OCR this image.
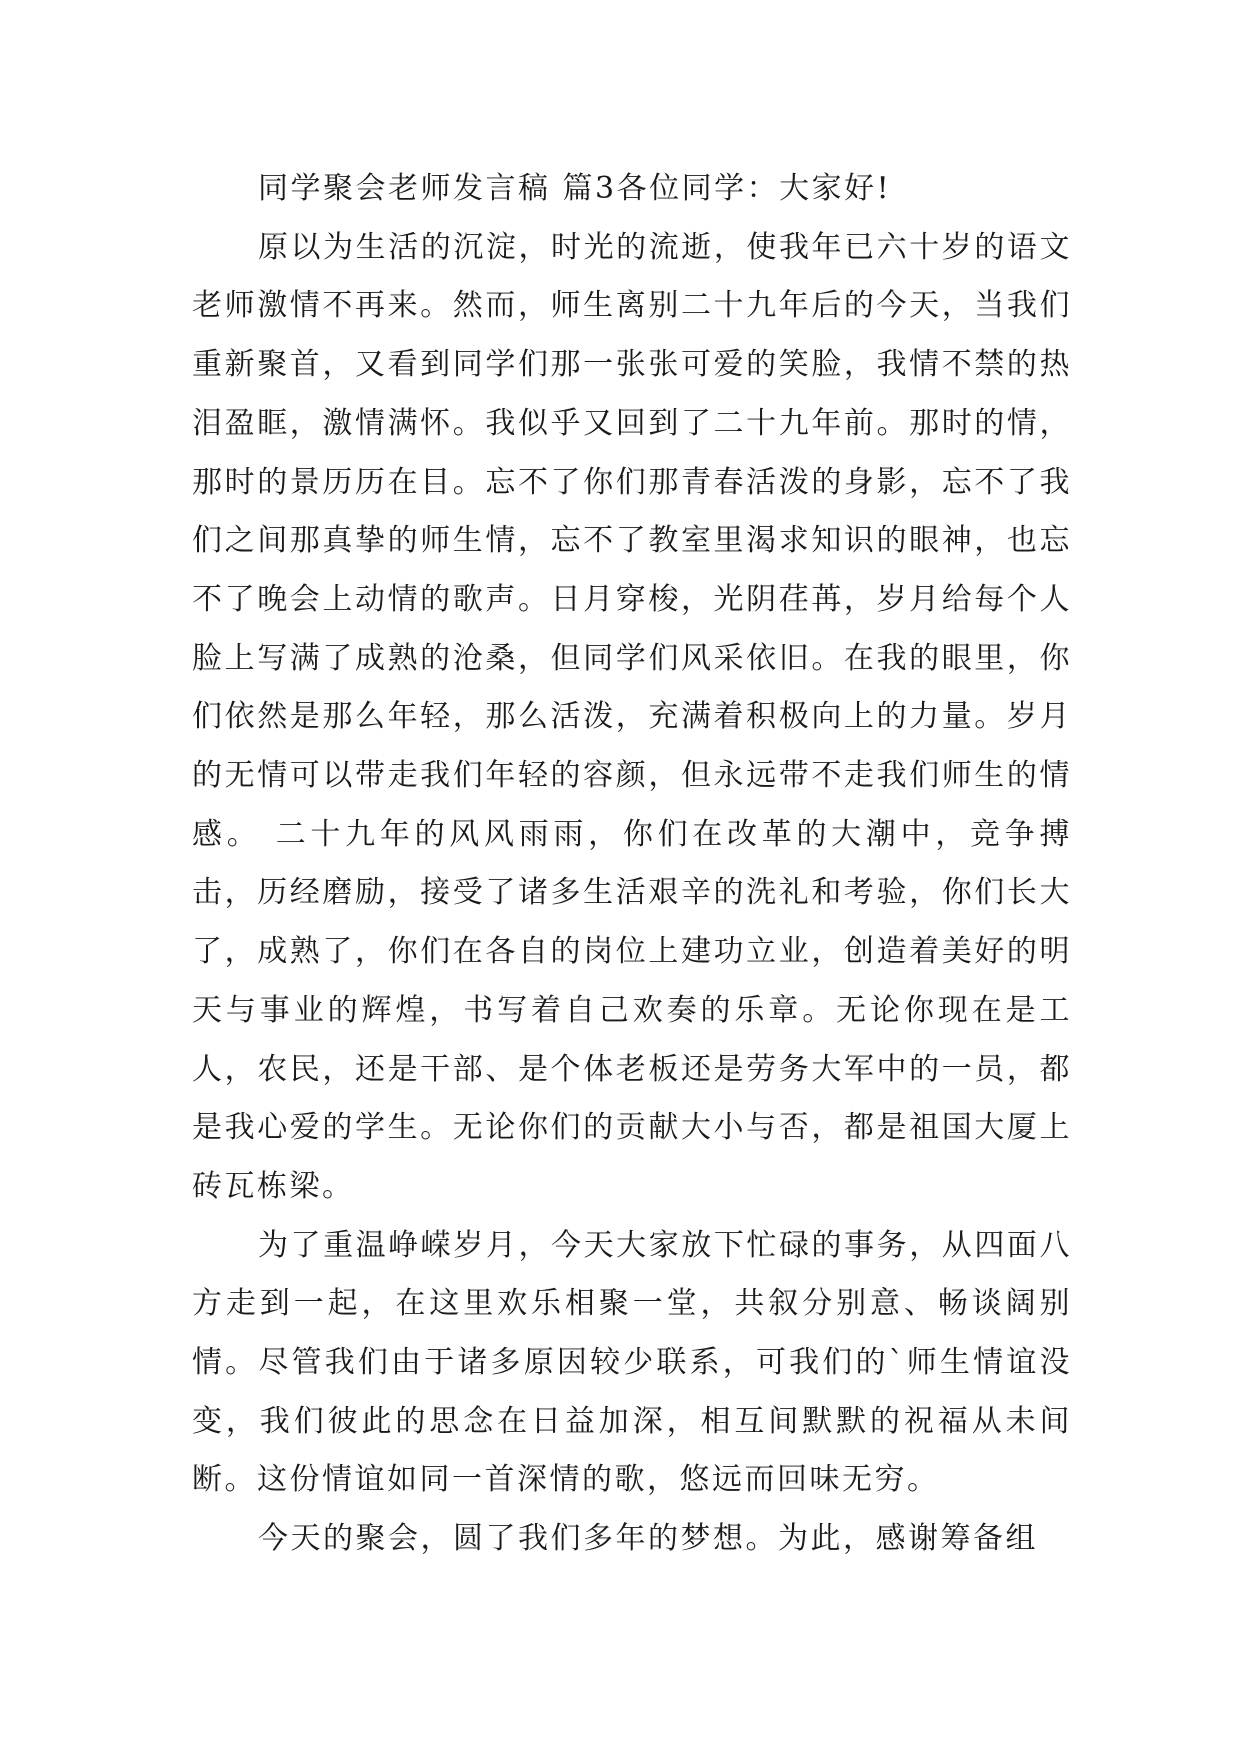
同学聚会老师发言稿 篇3各位同学：大家好!

原以为生活的沉淀，时光的流逝，使我年已六十岁的语文老师激情不再来。然而，师生离别二十九年后的今天，当我们重新聚首，又看到同学们那一张张可爱的笑脸，我情不禁的热泪盈眶，激情满怀。我似乎又回到了二十九年前。那时的情，那时的景历历在目。忘不了你们那青春活泼的身影，忘不了我们之间那真挚的师生情，忘不了教室里渴求知识的眼神，也忘不了晚会上动情的歌声。日月穿梭，光阴荏苒，岁月给每个人脸上写满了成熟的沧桑，但同学们风采依旧。在我的眼里，你们依然是那么年轻，那么活泼，充满着积极向上的力量。岁月的无情可以带走我们年轻的容颜，但永远带不走我们师生的情感。 二十九年的风风雨雨，你们在改革的大潮中，竞争搏击，历经磨励，接受了诸多生活艰辛的洗礼和考验，你们长大了，成熟了，你们在各自的岗位上建功立业，创造着美好的明天与事业的辉煌，书写着自己欢奏的乐章。无论你现在是工人，农民，还是干部、是个体老板还是劳务大军中的一员，都是我心爱的学生。无论你们的贡献大小与否，都是祖国大厦上砖瓦栋梁。

为了重温峥嵘岁月，今天大家放下忙碌的事务，从四面八方走到一起，在这里欢乐相聚一堂，共叙分别意、畅谈阔别情。尽管我们由于诸多原因较少联系，可我们的`师生情谊没变，我们彼此的思念在日益加深，相互间默默的祝福从未间断。这份情谊如同一首深情的歌，悠远而回味无穷。

今天的聚会，圆了我们多年的梦想。为此，感谢筹备组
